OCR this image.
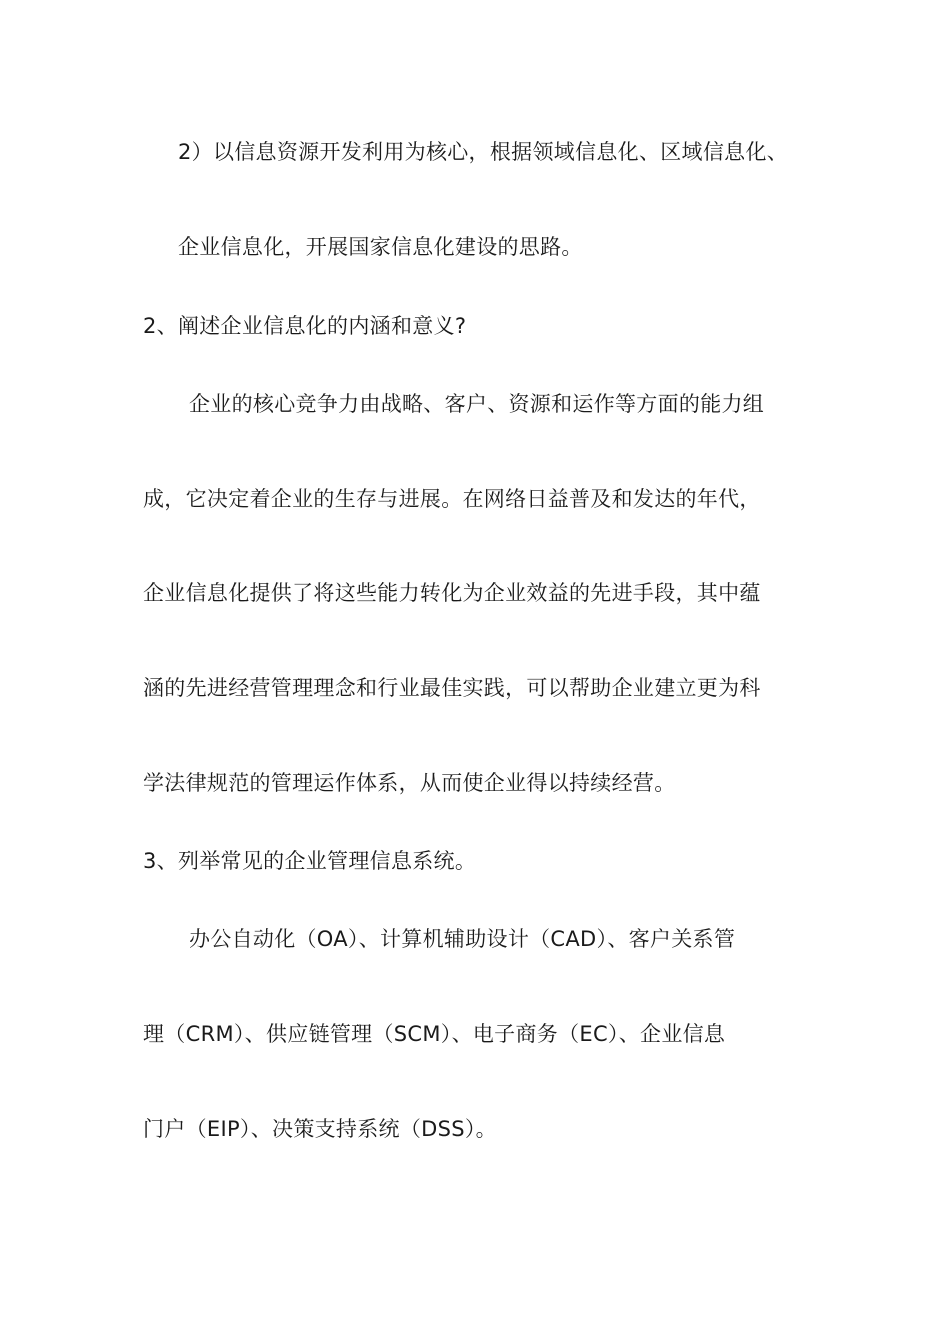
2）以信息资源开发利用为核心，根据领域信息化、区域信息化、
企业信息化，开展国家信息化建设的思路。
2、阐述企业信息化的内涵和意义?
企业的核心竞争力由战略、客户、资源和运作等方面的能力组
成，它决定着企业的生存与进展。在网络日益普及和发达的年代，
企业信息化提供了将这些能力转化为企业效益的先进手段，其中蕴
涵的先进经营管理理念和行业最佳实践，可以帮助企业建立更为科
学法律规范的管理运作体系，从而使企业得以持续经营。
3、列举常见的企业管理信息系统。
办公自动化（OA）、计算机辅助设计（CAD）、客户关系管
理（CRM）、供应链管理（SCM）、电子商务（EC）、企业信息
门户（EIP）、决策支持系统（DSS）。
